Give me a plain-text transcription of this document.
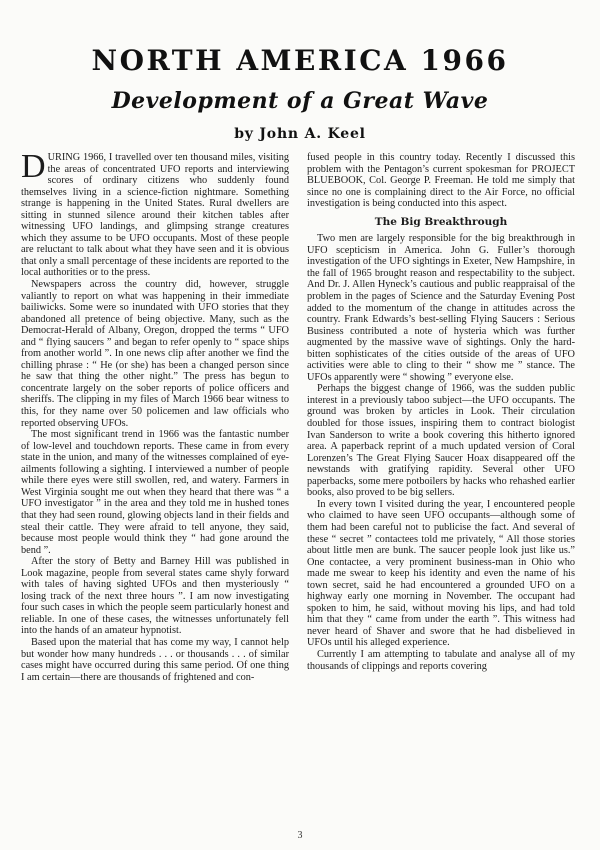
NORTH AMERICA 1966
Development of a Great Wave
by John A. Keel

DURING 1966, I travelled over ten thousand miles, visiting the areas of concentrated UFO reports and interviewing scores of ordinary citizens who suddenly found themselves living in a science-fiction nightmare. Something strange is happening in the United States. Rural dwellers are sitting in stunned silence around their kitchen tables after witnessing UFO landings, and glimpsing strange creatures which they assume to be UFO occupants. Most of these people are reluctant to talk about what they have seen and it is obvious that only a small percentage of these incidents are reported to the local authorities or to the press.

Newspapers across the country did, however, struggle valiantly to report on what was happening in their immediate bailiwicks. Some were so inundated with UFO stories that they abandoned all pretence of being objective. Many, such as the Democrat-Herald of Albany, Oregon, dropped the terms “ UFO and “ flying saucers ” and began to refer openly to “ space ships from another world ”. In one news clip after another we find the chilling phrase : “ He (or she) has been a changed person since he saw that thing the other night.” The press has begun to concentrate largely on the sober reports of police officers and sheriffs. The clipping in my files of March 1966 bear witness to this, for they name over 50 policemen and law officials who reported observing UFOs.

The most significant trend in 1966 was the fantastic number of low-level and touchdown reports. These came in from every state in the union, and many of the witnesses complained of eye-ailments following a sighting. I interviewed a number of people while there eyes were still swollen, red, and watery. Farmers in West Virginia sought me out when they heard that there was “ a UFO investigator ” in the area and they told me in hushed tones that they had seen round, glowing objects land in their fields and steal their cattle. They were afraid to tell anyone, they said, because most people would think they “ had gone around the bend ”.

After the story of Betty and Barney Hill was published in Look magazine, people from several states came shyly forward with tales of having sighted UFOs and then mysteriously “ losing track of the next three hours ”. I am now investigating four such cases in which the people seem particularly honest and reliable. In one of these cases, the witnesses unfortunately fell into the hands of an amateur hypnotist.

Based upon the material that has come my way, I cannot help but wonder how many hundreds . . . or thousands . . . of similar cases might have occurred during this same period. Of one thing I am certain—there are thousands of frightened and con-

fused people in this country today. Recently I discussed this problem with the Pentagon’s current spokesman for PROJECT BLUEBOOK, Col. George P. Freeman. He told me simply that since no one is complaining direct to the Air Force, no official investigation is being conducted into this aspect.

The Big Breakthrough

Two men are largely responsible for the big breakthrough in UFO scepticism in America. John G. Fuller’s thorough investigation of the UFO sightings in Exeter, New Hampshire, in the fall of 1965 brought reason and respectability to the subject. And Dr. J. Allen Hyneck’s cautious and public reappraisal of the problem in the pages of Science and the Saturday Evening Post added to the momentum of the change in attitudes across the country. Frank Edwards’s best-selling Flying Saucers : Serious Business contributed a note of hysteria which was further augmented by the massive wave of sightings. Only the hard-bitten sophisticates of the cities outside of the areas of UFO activities were able to cling to their “ show me ” stance. The UFOs apparently were “ showing ” everyone else.

Perhaps the biggest change of 1966, was the sudden public interest in a previously taboo subject—the UFO occupants. The ground was broken by articles in Look. Their circulation doubled for those issues, inspiring them to contract biologist Ivan Sanderson to write a book covering this hitherto ignored area. A paperback reprint of a much updated version of Coral Lorenzen’s The Great Flying Saucer Hoax disappeared off the newstands with gratifying rapidity. Several other UFO paperbacks, some mere potboilers by hacks who rehashed earlier books, also proved to be big sellers.

In every town I visited during the year, I encountered people who claimed to have seen UFO occupants—although some of them had been careful not to publicise the fact. And several of these “ secret ” contactees told me privately, “ All those stories about little men are bunk. The saucer people look just like us.” One contactee, a very prominent business-man in Ohio who made me swear to keep his identity and even the name of his town secret, said he had encountered a grounded UFO on a highway early one morning in November. The occupant had spoken to him, he said, without moving his lips, and had told him that they “ came from under the earth ”. This witness had never heard of Shaver and swore that he had disbelieved in UFOs until his alleged experience.

Currently I am attempting to tabulate and analyse all of my thousands of clippings and reports covering

3
